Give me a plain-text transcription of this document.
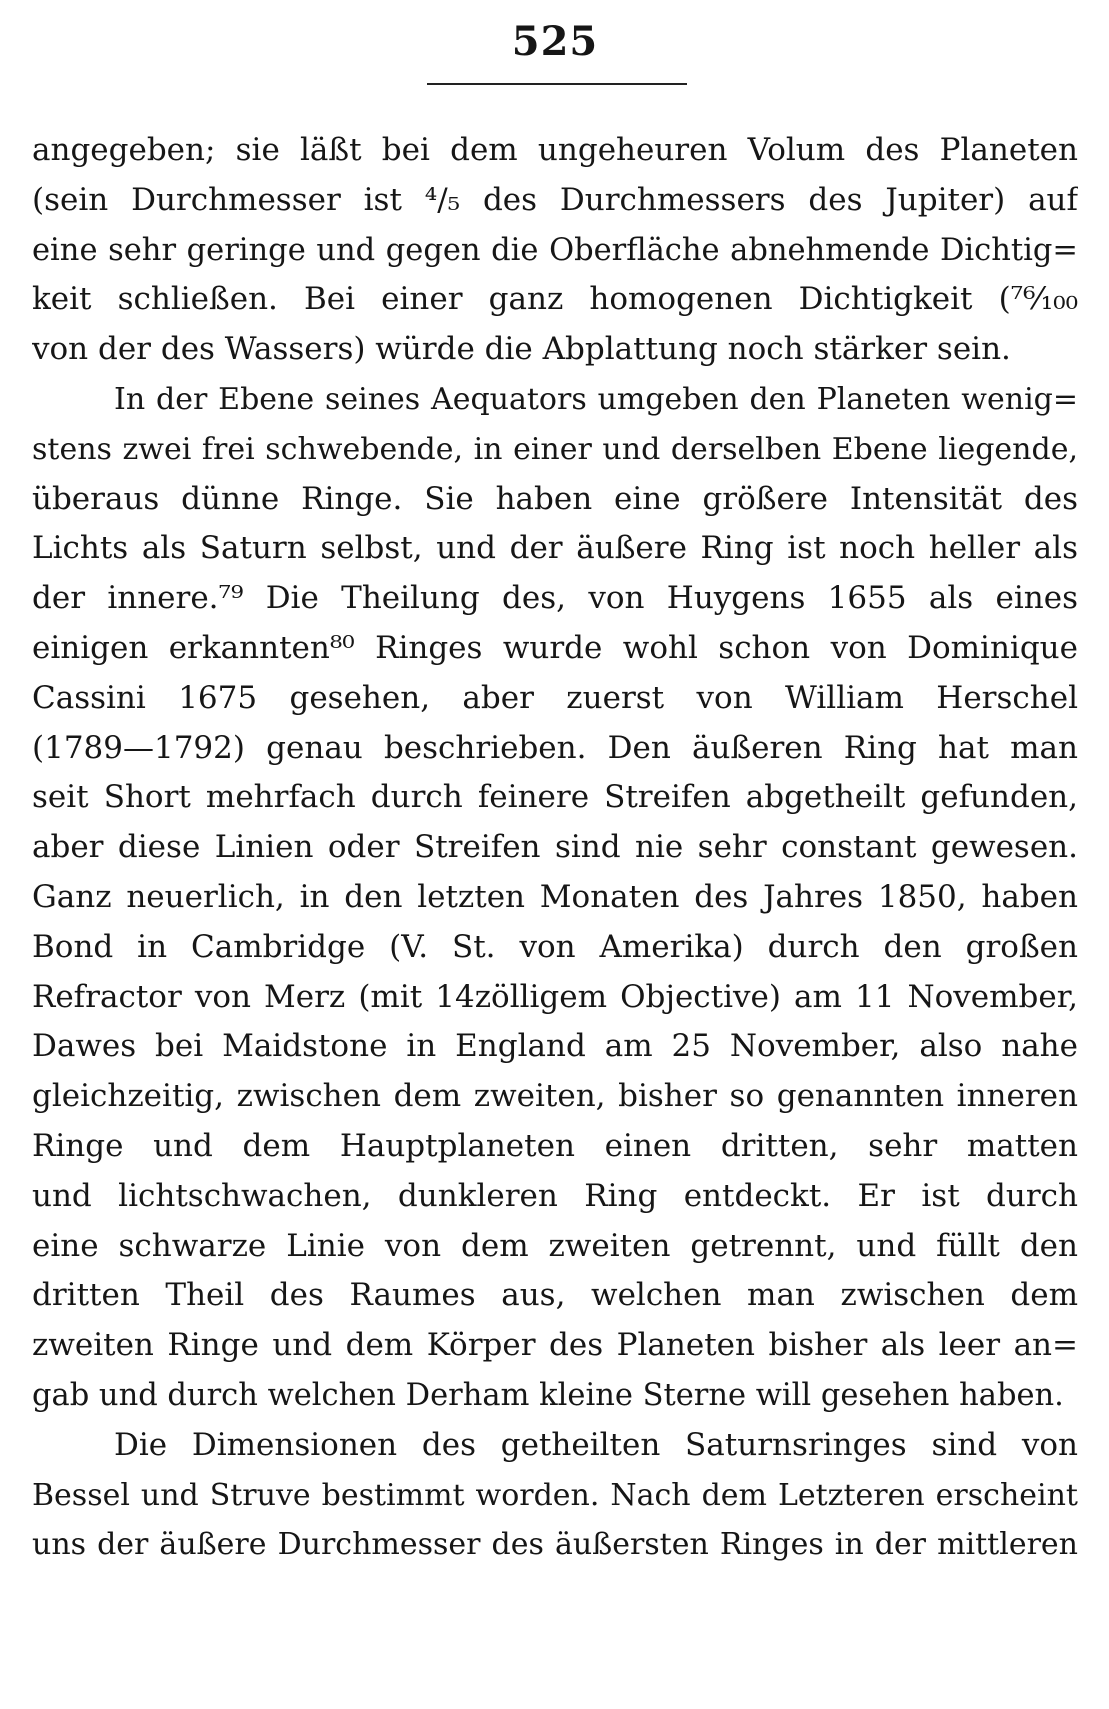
525
angegeben; sie läßt bei dem ungeheuren Volum des Planeten
(sein Durchmesser ist ⁴/₅ des Durchmessers des Jupiter) auf
eine sehr geringe und gegen die Oberfläche abnehmende Dichtig=
keit schließen. Bei einer ganz homogenen Dichtigkeit (⁷⁶⁄₁₀₀
von der des Wassers) würde die Abplattung noch stärker sein.
In der Ebene seines Aequators umgeben den Planeten wenig=
stens zwei frei schwebende, in einer und derselben Ebene liegende,
überaus dünne Ringe. Sie haben eine größere Intensität des
Lichts als Saturn selbst, und der äußere Ring ist noch heller als
der innere.⁷⁹ Die Theilung des, von Huygens 1655 als eines
einigen erkannten⁸⁰ Ringes wurde wohl schon von Dominique
Cassini 1675 gesehen, aber zuerst von William Herschel
(1789—1792) genau beschrieben. Den äußeren Ring hat man
seit Short mehrfach durch feinere Streifen abgetheilt gefunden,
aber diese Linien oder Streifen sind nie sehr constant gewesen.
Ganz neuerlich, in den letzten Monaten des Jahres 1850, haben
Bond in Cambridge (V. St. von Amerika) durch den großen
Refractor von Merz (mit 14zölligem Objective) am 11 November,
Dawes bei Maidstone in England am 25 November, also nahe
gleichzeitig, zwischen dem zweiten, bisher so genannten inneren
Ringe und dem Hauptplaneten einen dritten, sehr matten
und lichtschwachen, dunkleren Ring entdeckt. Er ist durch
eine schwarze Linie von dem zweiten getrennt, und füllt den
dritten Theil des Raumes aus, welchen man zwischen dem
zweiten Ringe und dem Körper des Planeten bisher als leer an=
gab und durch welchen Derham kleine Sterne will gesehen haben.
Die Dimensionen des getheilten Saturnsringes sind von
Bessel und Struve bestimmt worden. Nach dem Letzteren erscheint
uns der äußere Durchmesser des äußersten Ringes in der mittleren
